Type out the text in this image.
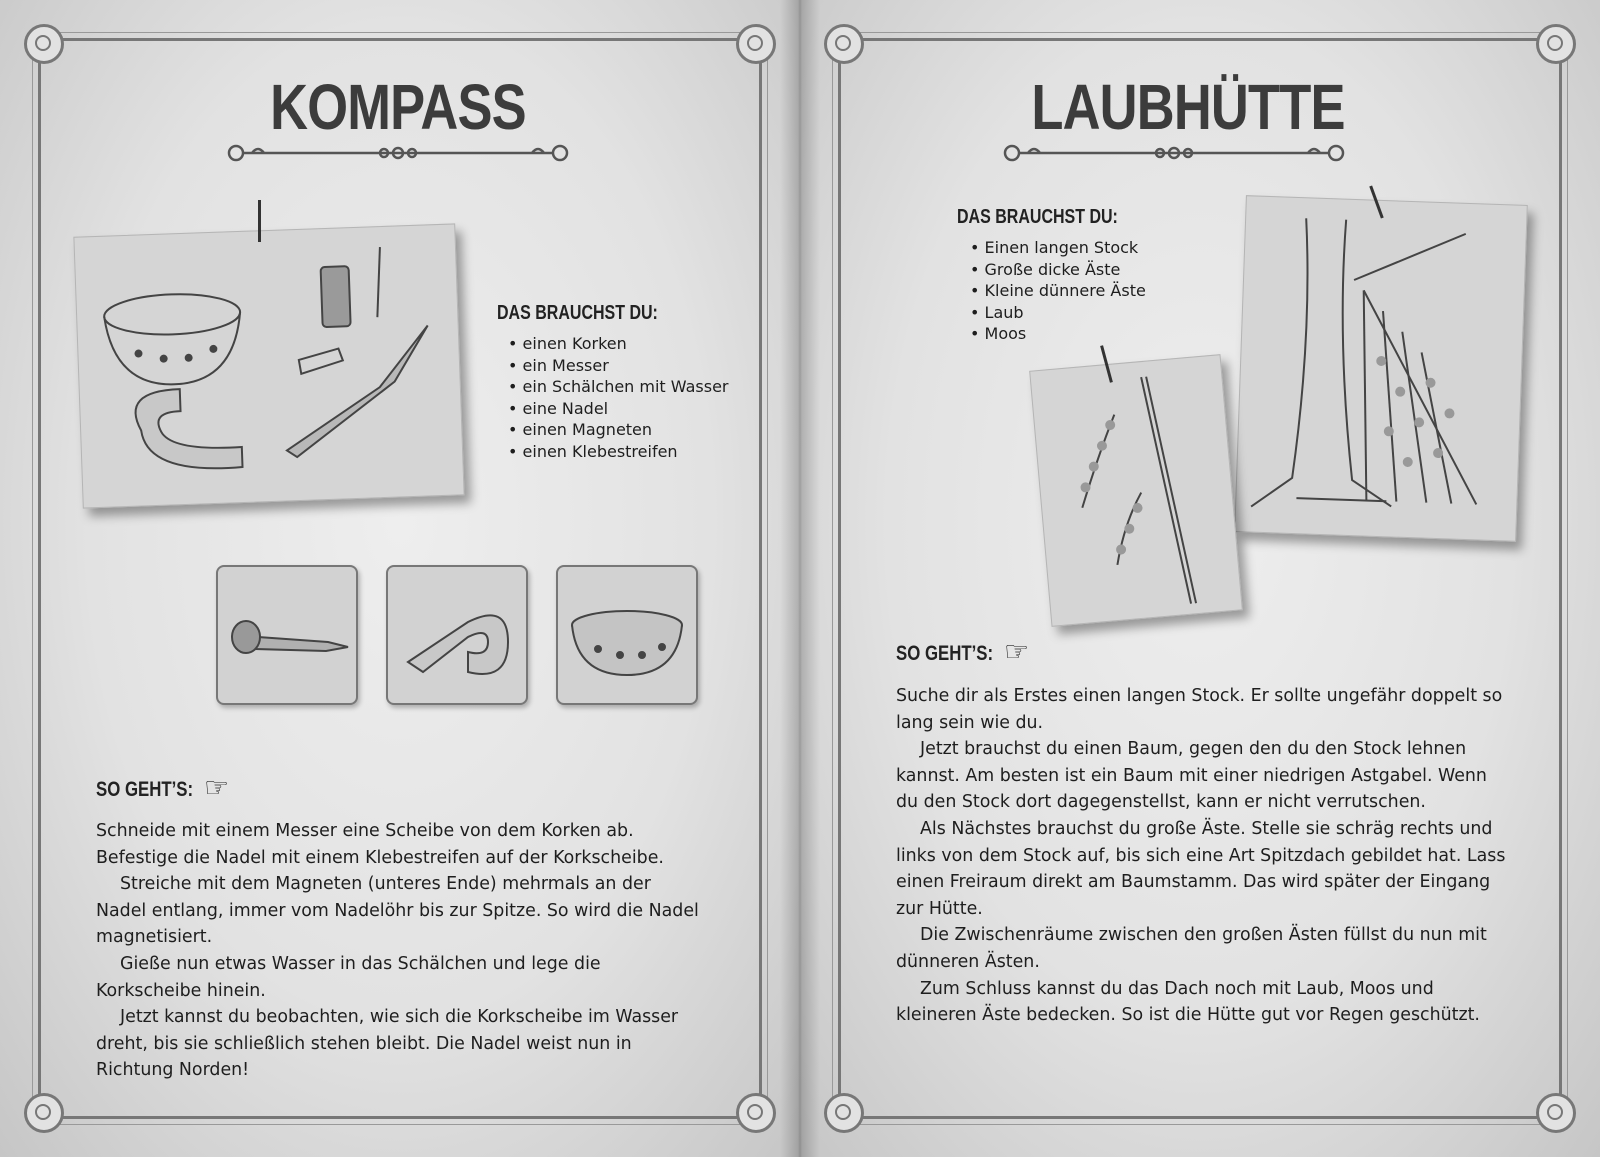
KOMPASS
DAS BRAUCHST DU:
• einen Korken
• ein Messer
• ein Schälchen mit Wasser
• eine Nadel
• einen Magneten
• einen Klebestreifen
SO GEHT’S: ☞

Schneide mit einem Messer eine Scheibe von dem Korken ab. Befestige die Nadel mit einem Klebestreifen auf der Korkscheibe.

Streiche mit dem Magneten (unteres Ende) mehrmals an der Nadel entlang, immer vom Nadelöhr bis zur Spitze. So wird die Nadel magnetisiert.

Gieße nun etwas Wasser in das Schälchen und lege die Korkscheibe hinein.

Jetzt kannst du beobachten, wie sich die Korkscheibe im Wasser dreht, bis sie schließlich stehen bleibt. Die Nadel weist nun in Richtung Norden!

LAUBHÜTTE
DAS BRAUCHST DU:
• Einen langen Stock
• Große dicke Äste
• Kleine dünnere Äste
• Laub
• Moos
SO GEHT’S: ☞

Suche dir als Erstes einen langen Stock. Er sollte ungefähr doppelt so lang sein wie du.

Jetzt brauchst du einen Baum, gegen den du den Stock lehnen kannst. Am besten ist ein Baum mit einer niedrigen Astgabel. Wenn du den Stock dort dagegenstellst, kann er nicht verrutschen.

Als Nächstes brauchst du große Äste. Stelle sie schräg rechts und links von dem Stock auf, bis sich eine Art Spitzdach gebildet hat. Lass einen Freiraum direkt am Baumstamm. Das wird später der Eingang zur Hütte.

Die Zwischenräume zwischen den großen Ästen füllst du nun mit dünneren Ästen.

Zum Schluss kannst du das Dach noch mit Laub, Moos und kleineren Äste bedecken. So ist die Hütte gut vor Regen geschützt.
